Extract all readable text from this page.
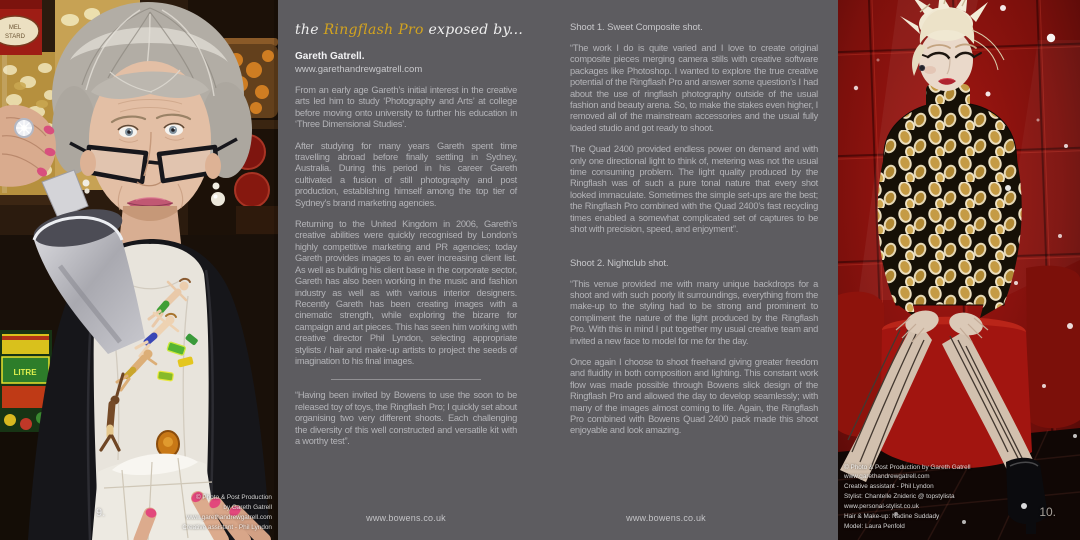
MEL
STARD
LITRE
9.
© Photo & Post Production
by Gareth Gatrell
www.garethandrewgatrell.com
Creative assistant - Phil Lyndon
the Ringflash Pro exposed by...
Gareth Gatrell.
www.garethandrewgatrell.com

From an early age Gareth’s initial interest in the creative arts led him to study ‘Photography and Arts’ at college before moving onto university to further his education in ‘Three Dimensional Studies’.

After studying for many years Gareth spent time travelling abroad before finally settling in Sydney, Australia. During this period in his career Gareth cultivated a fusion of still photography and post production, establishing himself among the top tier of Sydney’s brand marketing agencies.

Returning to the United Kingdom in 2006, Gareth’s creative abilities were quickly recognised by London’s highly competitive marketing and PR agencies; today Gareth provides images to an ever increasing client list. As well as building his client base in the corporate sector, Gareth has also been working in the music and fashion industry as well as with various interior designers. Recently Gareth has been creating images with a cinematic strength, while exploring the bizarre for campaign and art pieces. This has seen him working with creative director Phil Lyndon, selecting appropriate stylists / hair and make-up artists to project the seeds of imagination to his final images.

“Having been invited by Bowens to use the soon to be released toy of toys, the Ringflash Pro; I quickly set about organising two very different shoots. Each challenging the diversity of this well constructed and versatile kit with a worthy test”.

Shoot 1. Sweet Composite shot.

“The work I do is quite varied and I love to create original composite pieces merging camera stills with creative software packages like Photoshop. I wanted to explore the true creative potential of the Ringflash Pro and answer some question’s I had about the use of ringflash photography outside of the usual fashion and beauty arena. So, to make the stakes even higher, I removed all of the mainstream accessories and the usual fully loaded studio and got ready to shoot.

The Quad 2400 provided endless power on demand and with only one directional light to think of, metering was not the usual time consuming problem. The light quality produced by the Ringflash was of such a pure tonal nature that every shot looked immaculate. Sometimes the simple set-ups are the best; the Ringflash Pro combined with the Quad 2400’s fast recycling times enabled a somewhat complicated set of captures to be shot with precision, speed, and enjoyment”.

Shoot 2. Nightclub shot.

“This venue provided me with many unique backdrops for a shoot and with such poorly lit surroundings, everything from the make-up to the styling had to be strong and prominent to compliment the nature of the light produced by the Ringflash Pro. With this in mind I put together my usual creative team and invited a new face to model for me for the day.

Once again I choose to shoot freehand giving greater freedom and fluidity in both composition and lighting. This constant work flow was made possible through Bowens slick design of the Ringflash Pro and allowed the day to develop seamlessly; with many of the images almost coming to life. Again, the Ringflash Pro combined with Bowens Quad 2400 pack made this shoot enjoyable and look amazing.

www.bowens.co.uk	www.bowens.co.uk
© Photo & Post Production by Gareth Gatrell
www.garethandrewgatrell.com
Creative assistant - Phil Lyndon
Stylist: Chantelle Znideric @ topstylista
www.personal-stylist.co.uk
Hair & Make-up: Nadine Suddady
Model: Laura Penfold
10.
